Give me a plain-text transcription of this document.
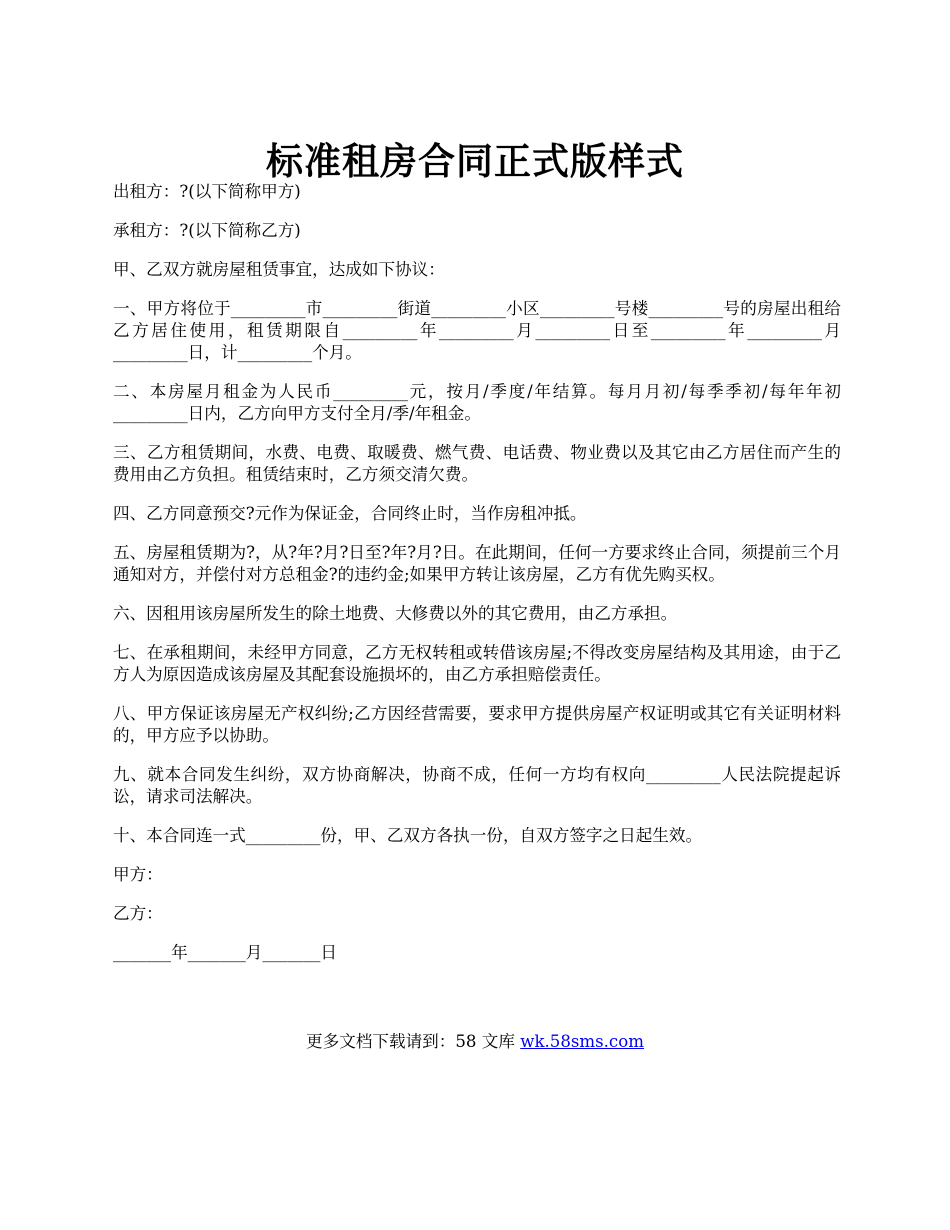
标准租房合同正式版样式

出租方：?(以下简称甲方)

承租方：?(以下简称乙方)

甲、乙双方就房屋租赁事宜，达成如下协议：

一、甲方将位于_________市_________街道_________小区_________号楼_________号的房屋出租给乙方居住使用，租赁期限自_________年_________月_________日至_________年_________月_________日，计_________个月。

二、本房屋月租金为人民币_________元，按月/季度/年结算。每月月初/每季季初/每年年初_________日内，乙方向甲方支付全月/季/年租金。

三、乙方租赁期间，水费、电费、取暖费、燃气费、电话费、物业费以及其它由乙方居住而产生的费用由乙方负担。租赁结束时，乙方须交清欠费。

四、乙方同意预交?元作为保证金，合同终止时，当作房租冲抵。

五、房屋租赁期为?，从?年?月?日至?年?月?日。在此期间，任何一方要求终止合同，须提前三个月通知对方，并偿付对方总租金?的违约金;如果甲方转让该房屋，乙方有优先购买权。

六、因租用该房屋所发生的除土地费、大修费以外的其它费用，由乙方承担。

七、在承租期间，未经甲方同意，乙方无权转租或转借该房屋;不得改变房屋结构及其用途，由于乙方人为原因造成该房屋及其配套设施损坏的，由乙方承担赔偿责任。

八、甲方保证该房屋无产权纠纷;乙方因经营需要，要求甲方提供房屋产权证明或其它有关证明材料的，甲方应予以协助。

九、就本合同发生纠纷，双方协商解决，协商不成，任何一方均有权向_________人民法院提起诉讼，请求司法解决。

十、本合同连一式_________份，甲、乙双方各执一份，自双方签字之日起生效。

甲方：

乙方：

_______年_______月_______日

更多文档下载请到：58 文库 wk.58sms.com
